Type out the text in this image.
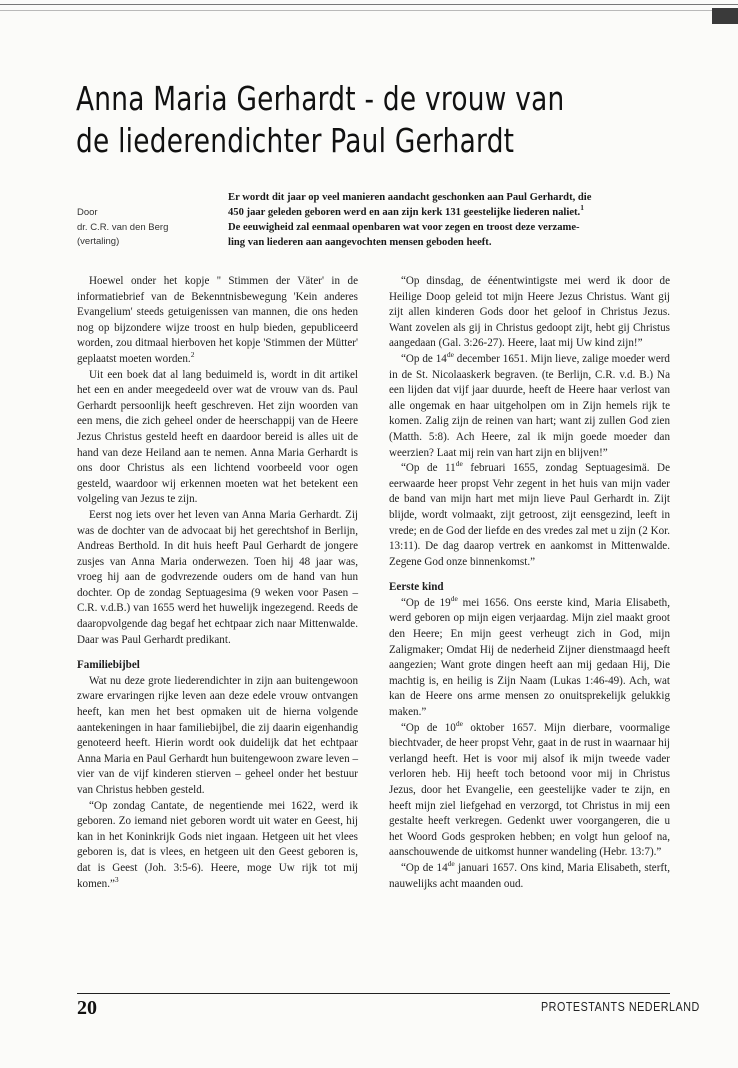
Anna Maria Gerhardt - de vrouw van de liederendichter Paul Gerhardt
Door
dr. C.R. van den Berg
(vertaling)
Er wordt dit jaar op veel manieren aandacht geschonken aan Paul Gerhardt, die
450 jaar geleden geboren werd en aan zijn kerk 131 geestelijke liederen naliet.$^1$
De eeuwigheid zal eenmaal openbaren wat voor zegen en troost deze verzame-
ling van liederen aan aangevochten mensen geboden heeft.

Hoewel onder het kopje '' Stimmen der Väter' in de informatiebrief van de Bekenntnisbewegung 'Kein anderes Evangelium' steeds getuigenissen van mannen, die ons heden nog op bijzondere wijze troost en hulp bieden, gepubliceerd worden, zou ditmaal hierboven het kopje 'Stimmen der Mütter' geplaatst moeten worden.$^2$

Uit een boek dat al lang beduimeld is, wordt in dit artikel het een en ander meegedeeld over wat de vrouw van ds. Paul Gerhardt persoonlijk heeft geschreven. Het zijn woorden van een mens, die zich geheel onder de heerschappij van de Heere Jezus Christus gesteld heeft en daardoor bereid is alles uit de hand van deze Heiland aan te nemen. Anna Maria Gerhardt is ons door Christus als een lichtend voorbeeld voor ogen gesteld, waardoor wij erkennen moeten wat het betekent een volgeling van Jezus te zijn.

Eerst nog iets over het leven van Anna Maria Gerhardt. Zij was de dochter van de advocaat bij het gerechtshof in Berlijn, Andreas Berthold. In dit huis heeft Paul Gerhardt de jongere zusjes van Anna Maria onderwezen. Toen hij 48 jaar was, vroeg hij aan de godvrezende ouders om de hand van hun dochter. Op de zondag Septuagesima (9 weken voor Pasen – C.R. v.d.B.) van 1655 werd het huwelijk ingezegend. Reeds de daaropvolgende dag begaf het echtpaar zich naar Mittenwalde. Daar was Paul Gerhardt predikant.

Familiebijbel

Wat nu deze grote liederendichter in zijn aan buitengewoon zware ervaringen rijke leven aan deze edele vrouw ontvangen heeft, kan men het best opmaken uit de hierna volgende aantekeningen in haar familiebijbel, die zij daarin eigenhandig genoteerd heeft. Hierin wordt ook duidelijk dat het echtpaar Anna Maria en Paul Gerhardt hun buitengewoon zware leven – vier van de vijf kinderen stierven – geheel onder het bestuur van Christus hebben gesteld.

“Op zondag Cantate, de negentiende mei 1622, werd ik geboren. Zo iemand niet geboren wordt uit water en Geest, hij kan in het Koninkrijk Gods niet ingaan. Hetgeen uit het vlees geboren is, dat is vlees, en hetgeen uit den Geest geboren is, dat is Geest (Joh. 3:5-6). Heere, moge Uw rijk tot mij komen.”$^3$

“Op dinsdag, de éénentwintigste mei werd ik door de Heilige Doop geleid tot mijn Heere Jezus Christus. Want gij zijt allen kinderen Gods door het geloof in Christus Jezus. Want zovelen als gij in Christus gedoopt zijt, hebt gij Christus aangedaan (Gal. 3:26-27). Heere, laat mij Uw kind zijn!”

“Op de 14de december 1651. Mijn lieve, zalige moeder werd in de St. Nicolaaskerk begraven. (te Berlijn, C.R. v.d. B.) Na een lijden dat vijf jaar duurde, heeft de Heere haar verlost van alle ongemak en haar uitgeholpen om in Zijn hemels rijk te komen. Zalig zijn de reinen van hart; want zij zullen God zien (Matth. 5:8). Ach Heere, zal ik mijn goede moeder dan weerzien? Laat mij rein van hart zijn en blijven!”

“Op de 11de februari 1655, zondag Septuagesimä. De eerwaarde heer propst Vehr zegent in het huis van mijn vader de band van mijn hart met mijn lieve Paul Gerhardt in. Zijt blijde, wordt volmaakt, zijt getroost, zijt eensgezind, leeft in vrede; en de God der liefde en des vredes zal met u zijn (2 Kor. 13:11). De dag daarop vertrek en aankomst in Mittenwalde. Zegene God onze binnenkomst.”

Eerste kind

“Op de 19de mei 1656. Ons eerste kind, Maria Elisabeth, werd geboren op mijn eigen verjaardag. Mijn ziel maakt groot den Heere; En mijn geest verheugt zich in God, mijn Zaligmaker; Omdat Hij de nederheid Zijner dienstmaagd heeft aangezien; Want grote dingen heeft aan mij gedaan Hij, Die machtig is, en heilig is Zijn Naam (Lukas 1:46-49). Ach, wat kan de Heere ons arme mensen zo onuitsprekelijk gelukkig maken.”

“Op de 10de oktober 1657. Mijn dierbare, voormalige biechtvader, de heer propst Vehr, gaat in de rust in waarnaar hij verlangd heeft. Het is voor mij alsof ik mijn tweede vader verloren heb. Hij heeft toch betoond voor mij in Christus Jezus, door het Evangelie, een geestelijke vader te zijn, en heeft mijn ziel liefgehad en verzorgd, tot Christus in mij een gestalte heeft verkregen. Gedenkt uwer voorgangeren, die u het Woord Gods gesproken hebben; en volgt hun geloof na, aanschouwende de uitkomst hunner wandeling (Hebr. 13:7).”

“Op de 14de januari 1657. Ons kind, Maria Elisabeth, sterft, nauwelijks acht maanden oud.

20	PROTESTANTS NEDERLAND
